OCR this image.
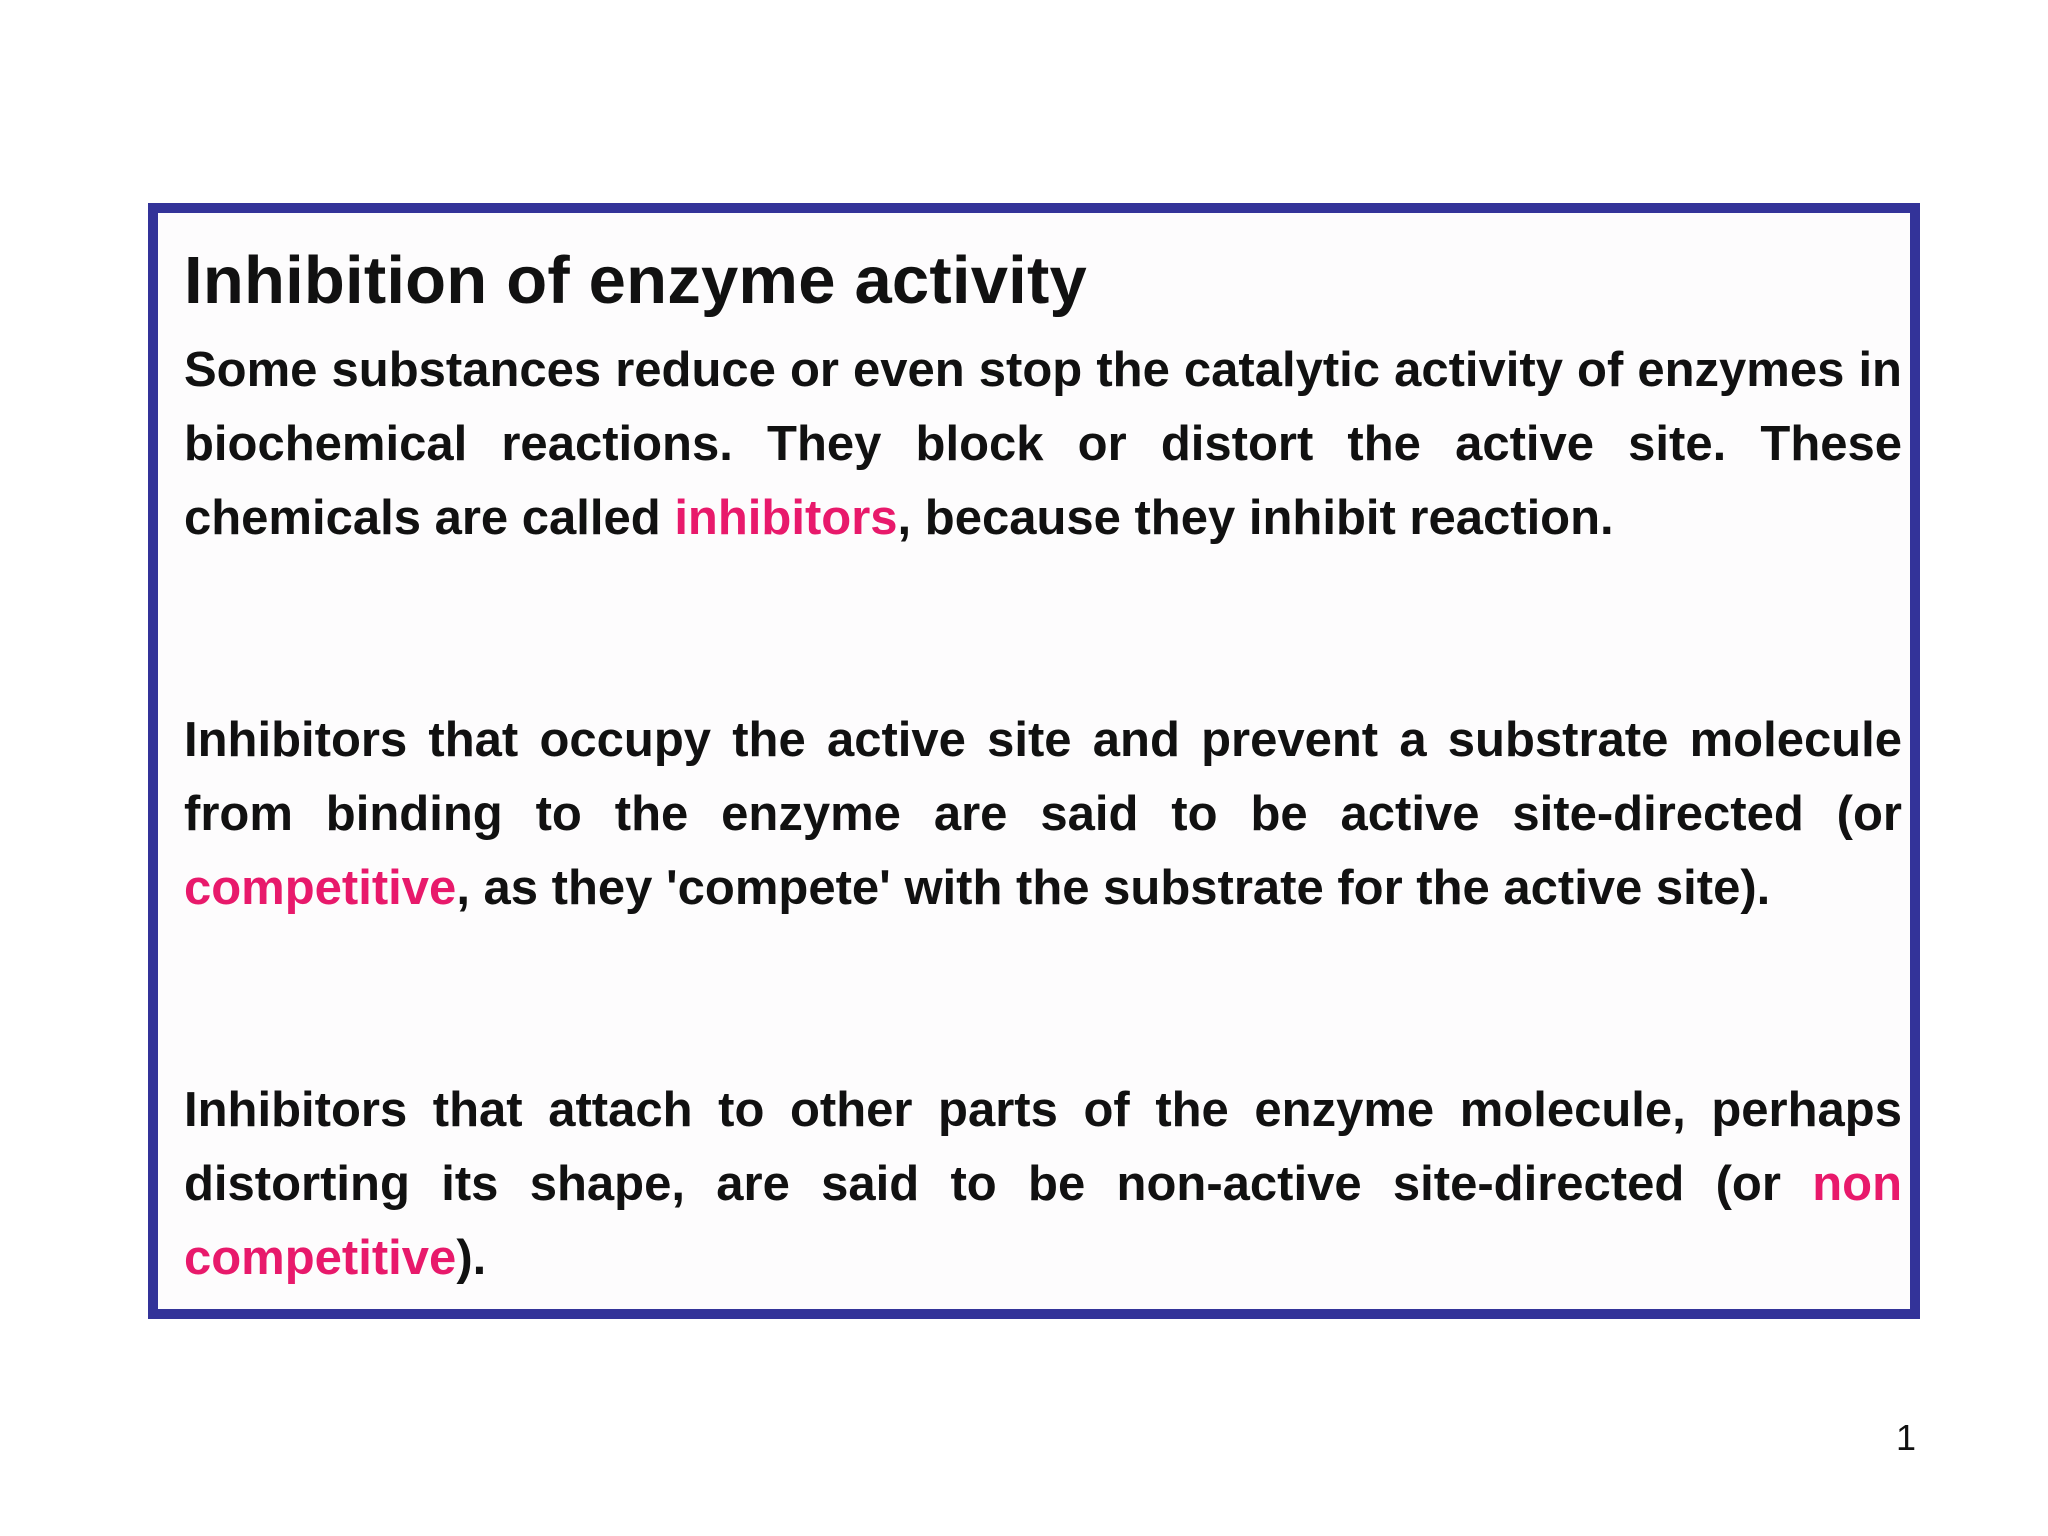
Inhibition of enzyme activity

Some substances reduce or even stop the catalytic activity of enzymes in biochemical reactions. They block or distort the active site. These chemicals are called inhibitors, because they inhibit reaction.

Inhibitors that occupy the active site and prevent a substrate molecule from binding to the enzyme are said to be active site-directed (or competitive, as they 'compete' with the substrate for the active site).

Inhibitors that attach to other parts of the enzyme molecule, perhaps distorting its shape, are said to be non-active site-directed (or non competitive).

1
